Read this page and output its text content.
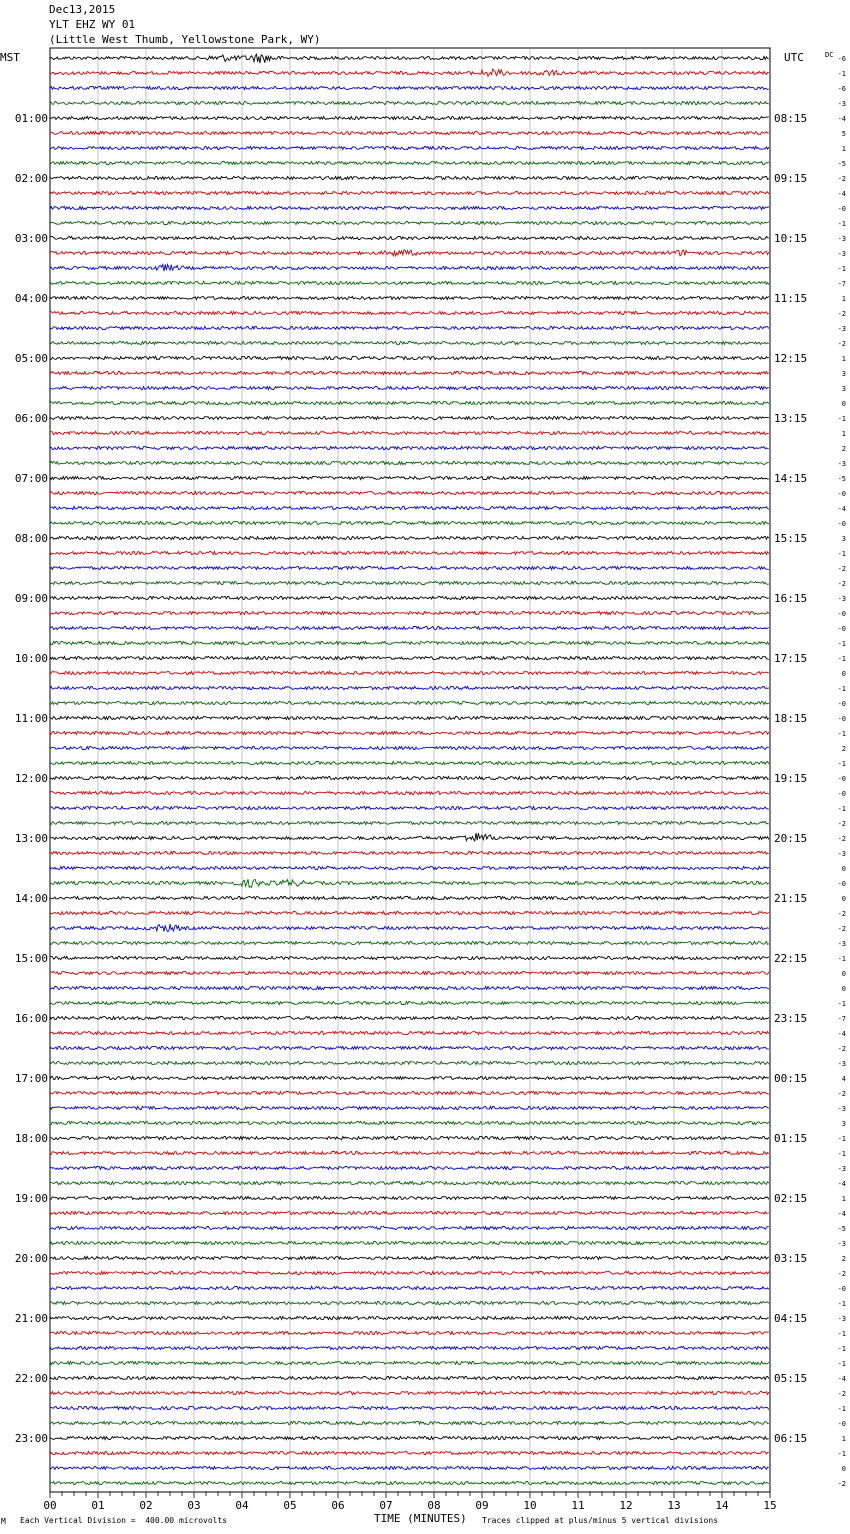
Dec13,2015
YLT EHZ WY 01
(Little West Thumb, Yellowstone Park, WY)
MST	UTC	DC -6
-1
-6
-3
-4
5
1
-5
-2
-4
-0
-1
-3
-3
-1
-7
1
-2
-3
-2
1
3
3
0
-1
1
2
-3
-5
-0
-4
-0
3
-1
-2
-2
-3
-0
-0
-1
-1
0
-1
-0
-0
-1
2
-1
-0
-0
-1
-2
-2
-3
0
-0
0
-2
-2
-3
-1
0
0
-1
-7
-4
-2
-3
4
-2
-3
3
-1
-1
-3
-4
1
-4
-5
-3
2
-2
-0
-1
-3
-1
-1
-1
-4
-2
-1
-0
1
-1
0
-2
01:00	08:15
02:00	09:15
03:00	10:15
04:00	11:15
05:00	12:15
06:00	13:15
07:00	14:15
08:00	15:15
09:00	16:15
10:00	17:15
11:00	18:15
12:00	19:15
13:00	20:15
14:00	21:15
15:00	22:15
16:00	23:15
17:00	00:15
18:00	01:15
19:00	02:15
20:00	03:15
21:00	04:15
22:00	05:15
23:00	06:15
00	01	02	03	04	05	06	07	08	09	10	11	12	13	14	15
M Each Vertical Division =  400.00 microvolts	TIME (MINUTES) Traces clipped at plus/minus 5 vertical divisions
